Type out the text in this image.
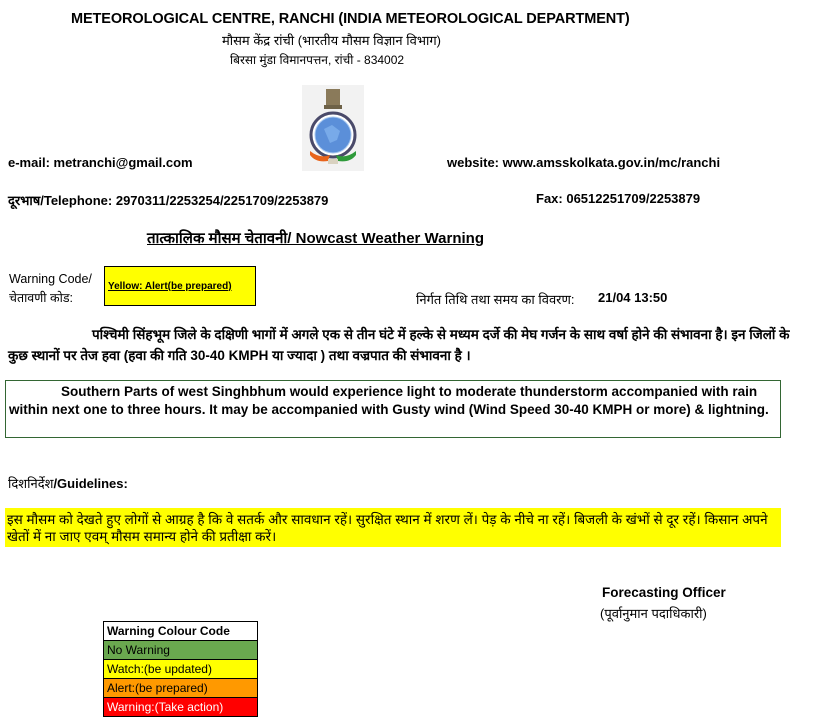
METEOROLOGICAL CENTRE, RANCHI (INDIA METEOROLOGICAL DEPARTMENT)
मौसम केंद्र रांची (भारतीय मौसम विज्ञान विभाग)
बिरसा मुंडा विमानपत्तन, रांची - 834002
e-mail: metranchi@gmail.com	website: www.amsskolkata.gov.in/mc/ranchi
दूरभाष/Telephone: 2970311/2253254/2251709/2253879	Fax: 06512251709/2253879
तात्कालिक मौसम चेतावनी/ Nowcast Weather Warning
Warning Code/
चेतावणी कोड:
Yellow: Alert(be prepared)
निर्गत तिथि तथा समय का विवरण: 21/04 13:50
पश्चिमी सिंहभूम जिले के दक्षिणी भागों में अगले एक से तीन घंटे में हल्के से मध्यम दर्जे की मेघ गर्जन के साथ वर्षा होने की संभावना है। इन जिलों के कुछ स्थानों पर तेज हवा (हवा की गति 30-40 KMPH या ज्यादा ) तथा वज्रपात की संभावना है ।
Southern Parts of west Singhbhum would experience light to moderate thunderstorm accompanied with rain within next one to three hours. It may be accompanied with Gusty wind (Wind Speed 30-40 KMPH or more) & lightning.
दिशनिर्देश/Guidelines:
इस मौसम को देखते हुए लोगों से आग्रह है कि वे सतर्क और सावधान रहें। सुरक्षित स्थान में शरण लें। पेड़ के नीचे ना रहें। बिजली के खंभों से दूर रहें। किसान अपने खेतों में ना जाए एवम् मौसम समान्य होने की प्रतीक्षा करें।
Forecasting Officer
(पूर्वानुमान पदाधिकारी)
Warning Colour Code
No Warning
Watch:(be updated)
Alert:(be prepared)
Warning:(Take action)
